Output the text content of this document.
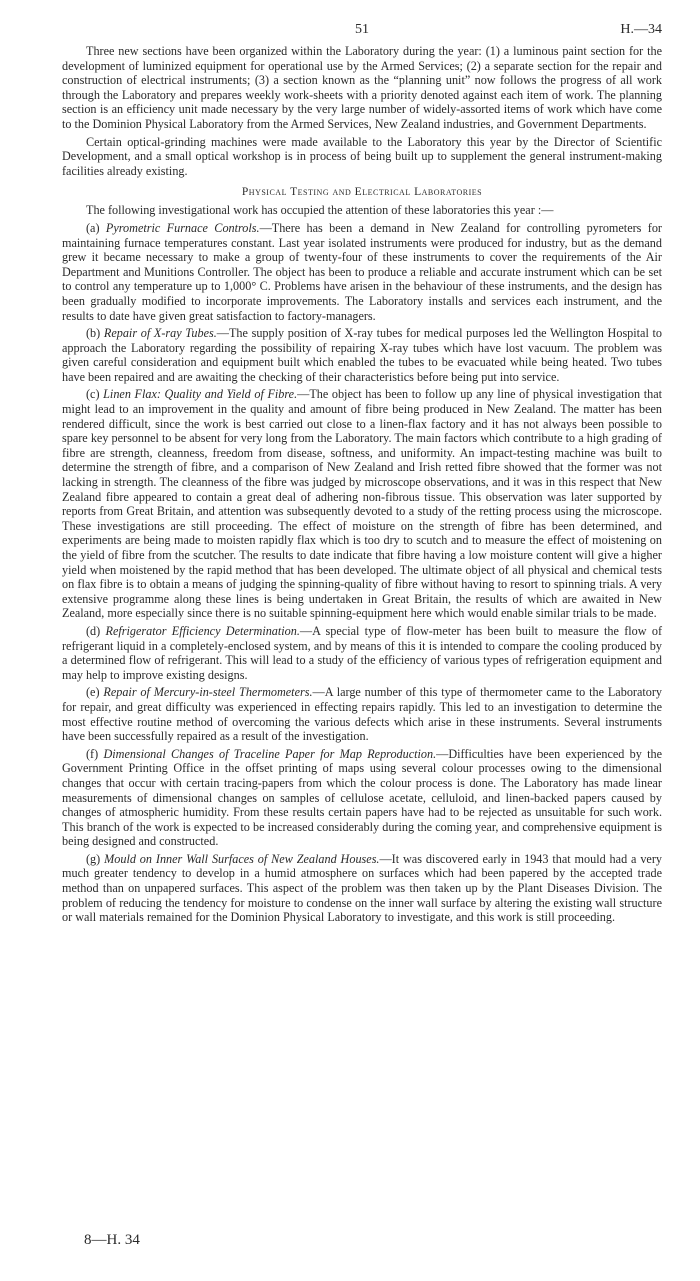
51	H.—34

Three new sections have been organized within the Laboratory during the year: (1) a luminous paint section for the development of luminized equipment for operational use by the Armed Services; (2) a separate section for the repair and construction of electrical instruments; (3) a section known as the “planning unit” now follows the progress of all work through the Laboratory and prepares weekly work-sheets with a priority denoted against each item of work. The planning section is an efficiency unit made necessary by the very large number of widely-assorted items of work which have come to the Dominion Physical Laboratory from the Armed Services, New Zealand industries, and Government Departments.

Certain optical-grinding machines were made available to the Laboratory this year by the Director of Scientific Development, and a small optical workshop is in process of being built up to supplement the general instrument-making facilities already existing.

Physical Testing and Electrical Laboratories

The following investigational work has occupied the attention of these laboratories this year :—

(a) Pyrometric Furnace Controls.—There has been a demand in New Zealand for controlling pyrometers for maintaining furnace temperatures constant. Last year isolated instruments were produced for industry, but as the demand grew it became necessary to make a group of twenty-four of these instruments to cover the requirements of the Air Department and Munitions Controller. The object has been to produce a reliable and accurate instrument which can be set to control any temperature up to 1,000° C. Problems have arisen in the behaviour of these instruments, and the design has been gradually modified to incorporate improvements. The Laboratory installs and services each instrument, and the results to date have given great satisfaction to factory-managers.

(b) Repair of X-ray Tubes.—The supply position of X-ray tubes for medical purposes led the Wellington Hospital to approach the Laboratory regarding the possibility of repairing X-ray tubes which have lost vacuum. The problem was given careful consideration and equipment built which enabled the tubes to be evacuated while being heated. Two tubes have been repaired and are awaiting the checking of their characteristics before being put into service.

(c) Linen Flax: Quality and Yield of Fibre.—The object has been to follow up any line of physical investigation that might lead to an improvement in the quality and amount of fibre being produced in New Zealand. The matter has been rendered difficult, since the work is best carried out close to a linen-flax factory and it has not always been possible to spare key personnel to be absent for very long from the Laboratory. The main factors which contribute to a high grading of fibre are strength, cleanness, freedom from disease, softness, and uniformity. An impact-testing machine was built to determine the strength of fibre, and a comparison of New Zealand and Irish retted fibre showed that the former was not lacking in strength. The cleanness of the fibre was judged by microscope observations, and it was in this respect that New Zealand fibre appeared to contain a great deal of adhering non-fibrous tissue. This observation was later supported by reports from Great Britain, and attention was subsequently devoted to a study of the retting process using the microscope. These investigations are still proceeding. The effect of moisture on the strength of fibre has been determined, and experiments are being made to moisten rapidly flax which is too dry to scutch and to measure the effect of moistening on the yield of fibre from the scutcher. The results to date indicate that fibre having a low moisture content will give a higher yield when moistened by the rapid method that has been developed. The ultimate object of all physical and chemical tests on flax fibre is to obtain a means of judging the spinning-quality of fibre without having to resort to spinning trials. A very extensive programme along these lines is being undertaken in Great Britain, the results of which are awaited in New Zealand, more especially since there is no suitable spinning-equipment here which would enable similar trials to be made.

(d) Refrigerator Efficiency Determination.—A special type of flow-meter has been built to measure the flow of refrigerant liquid in a completely-enclosed system, and by means of this it is intended to compare the cooling produced by a determined flow of refrigerant. This will lead to a study of the efficiency of various types of refrigeration equipment and may help to improve existing designs.

(e) Repair of Mercury-in-steel Thermometers.—A large number of this type of thermometer came to the Laboratory for repair, and great difficulty was experienced in effecting repairs rapidly. This led to an investigation to determine the most effective routine method of overcoming the various defects which arise in these instruments. Several instruments have been successfully repaired as a result of the investigation.

(f) Dimensional Changes of Traceline Paper for Map Reproduction.—Difficulties have been experienced by the Government Printing Office in the offset printing of maps using several colour processes owing to the dimensional changes that occur with certain tracing-papers from which the colour process is done. The Laboratory has made linear measurements of dimensional changes on samples of cellulose acetate, celluloid, and linen-backed papers caused by changes of atmospheric humidity. From these results certain papers have had to be rejected as unsuitable for such work. This branch of the work is expected to be increased considerably during the coming year, and comprehensive equipment is being designed and constructed.

(g) Mould on Inner Wall Surfaces of New Zealand Houses.—It was discovered early in 1943 that mould had a very much greater tendency to develop in a humid atmosphere on surfaces which had been papered by the accepted trade method than on unpapered surfaces. This aspect of the problem was then taken up by the Plant Diseases Division. The problem of reducing the tendency for moisture to condense on the inner wall surface by altering the existing wall structure or wall materials remained for the Dominion Physical Laboratory to investigate, and this work is still proceeding.

8—H. 34
